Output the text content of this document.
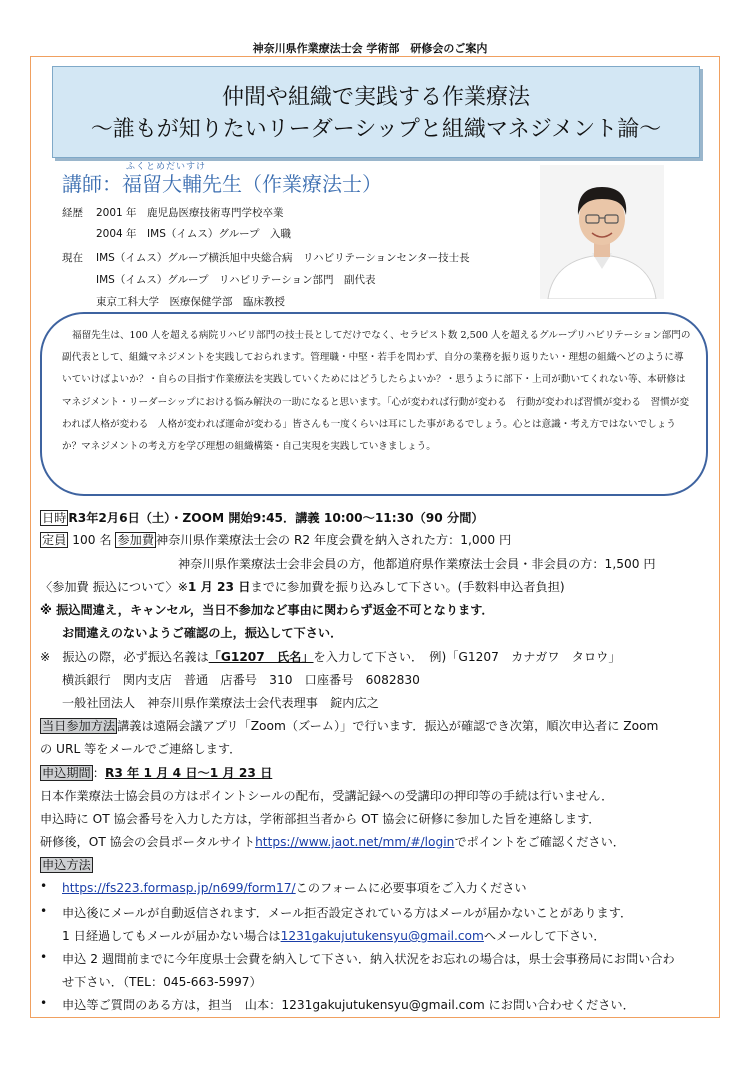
神奈川県作業療法士会 学術部　研修会のご案内
仲間や組織で実践する作業療法
～誰もが知りたいリーダーシップと組織マネジメント論～
ふくとめだいすけ
講師：福留大輔先生（作業療法士）
経歴 2001 年　鹿児島医療技術専門学校卒業
2004 年　IMS（イムス）グループ　入職
現在 IMS（イムス）グループ横浜旭中央総合病　リハビリテーションセンター技士長
IMS（イムス）グループ　リハビリテーション部門　副代表
東京工科大学　医療保健学部　臨床教授

福留先生は、100 人を超える病院リハビリ部門の技士長としてだけでなく、セラピスト数 2,500 人を超えるグループリハビリテーション部門の副代表として、組織マネジメントを実践しておられます。管理職・中堅・若手を問わず、自分の業務を振り返りたい・理想の組織へどのように導いていけばよいか？・自らの目指す作業療法を実践していくためにはどうしたらよいか？・思うように部下・上司が動いてくれない等、本研修はマネジメント・リーダーシップにおける悩み解決の一助になると思います。「心が変われば行動が変わる　行動が変われば習慣が変わる　習慣が変われば人格が変わる　人格が変われば運命が変わる」皆さんも一度くらいは耳にした事があるでしょう。心とは意識・考え方ではないでしょうか？マネジメントの考え方を学び理想の組織構築・自己実現を実践していきましょう。

日時 R3年2月6日（土）・ZOOM 開始9:45．講義 10:00～11:30（90 分間）
定員 100 名 参加費 神奈川県作業療法士会の R2 年度会費を納入された方：1,000 円
神奈川県作業療法士会非会員の方，他都道府県作業療法士会員・非会員の方：1,500 円
〈参加費 振込について〉※1 月 23 日までに参加費を振り込みして下さい。(手数料申込者負担)
※ 振込間違え，キャンセル，当日不参加など事由に関わらず返金不可となります．
お間違えのないようご確認の上，振込して下さい．
※　振込の際，必ず振込名義は「G1207　氏名」を入力して下さい．　例)「G1207　カナガワ　タロウ」
横浜銀行　関内支店　普通　店番号　310　口座番号　6082830
一般社団法人　神奈川県作業療法士会代表理事　錠内広之
当日参加方法 講義は遠隔会議アプリ「Zoom（ズーム）」で行います．振込が確認でき次第，順次申込者に Zoom
の URL 等をメールでご連絡します．
申込期間 ：R3 年 1 月 4 日～1 月 23 日
日本作業療法士協会員の方はポイントシールの配布，受講記録への受講印の押印等の手続は行いません．
申込時に OT 協会番号を入力した方は，学術部担当者から OT 協会に研修に参加した旨を連絡します．
研修後，OT 協会の会員ポータルサイトhttps://www.jaot.net/mm/#/loginでポイントをご確認ください．
申込方法
• https://fs223.formasp.jp/n699/form17/このフォームに必要事項をご入力ください
• 申込後にメールが自動返信されます．メール拒否設定されている方はメールが届かないことがあります．
1 日経過してもメールが届かない場合は1231gakujutukensyu@gmail.comへメールして下さい．
• 申込 2 週間前までに今年度県士会費を納入して下さい．納入状況をお忘れの場合は，県士会事務局にお問い合わ
せ下さい．（TEL：045-663-5997）
• 申込等ご質問のある方は，担当　山本：1231gakujutukensyu@gmail.com にお問い合わせください．
